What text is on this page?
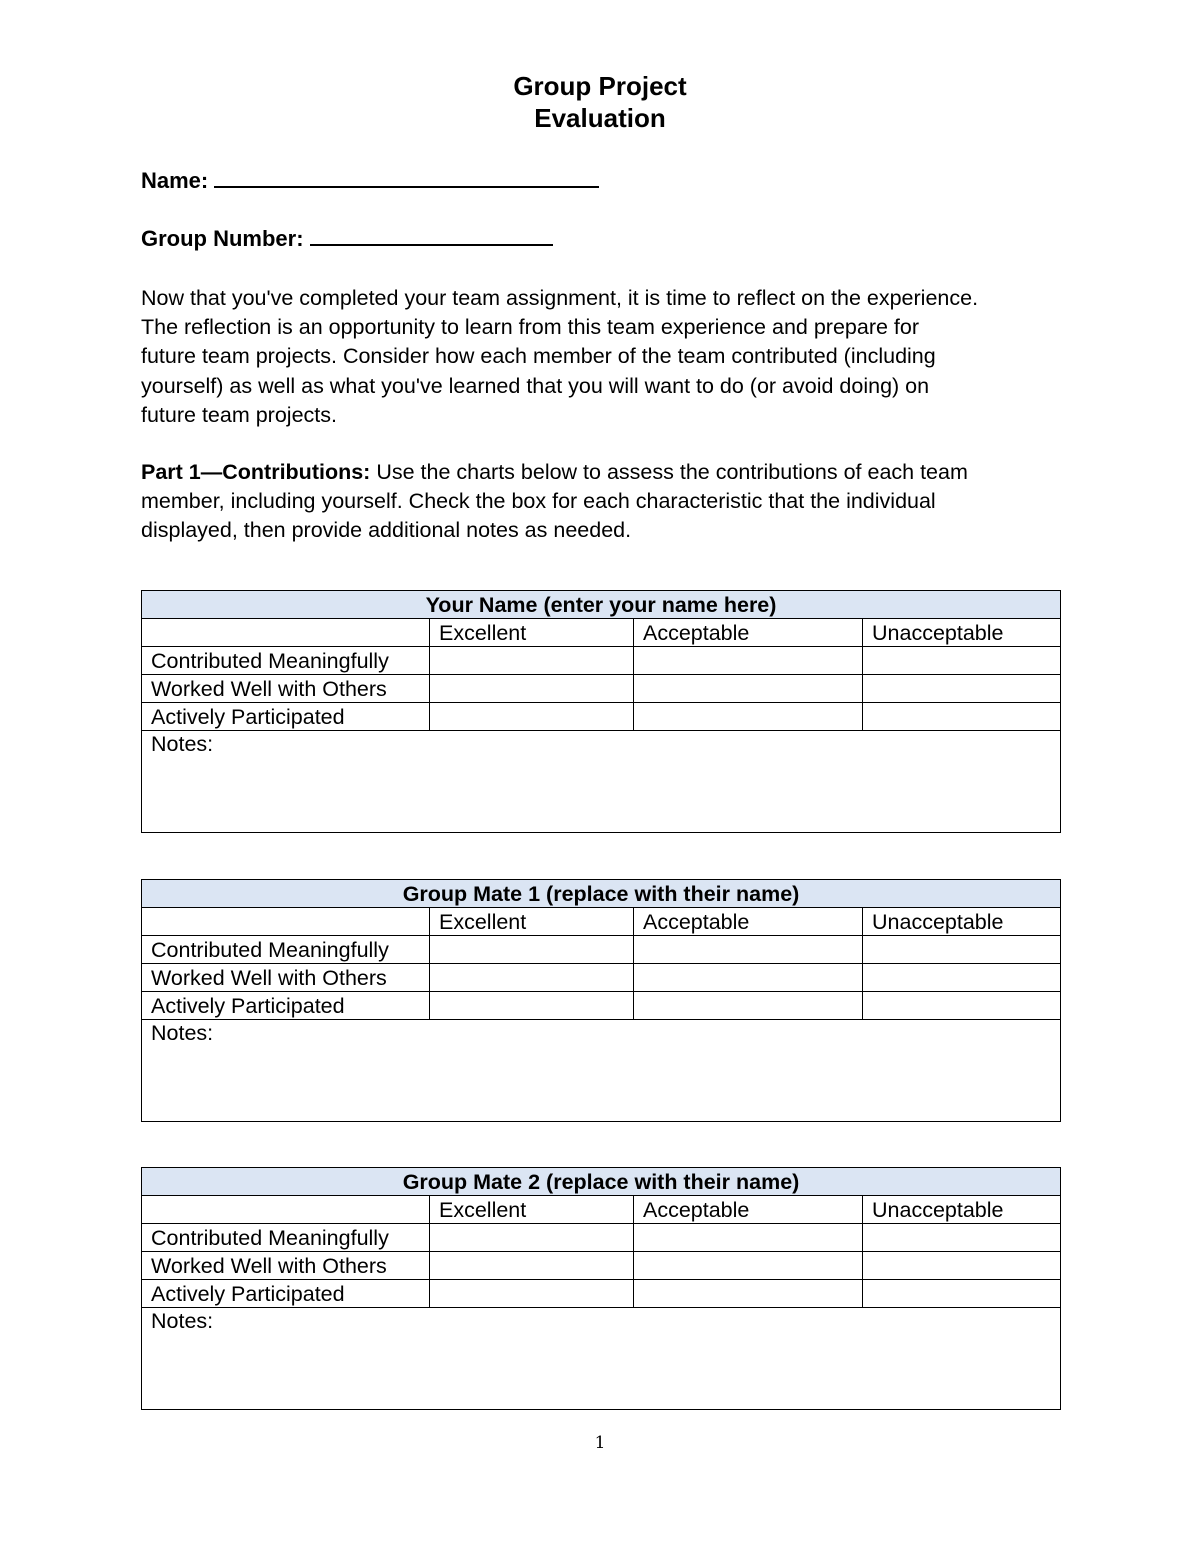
Group Project
Evaluation
Name:
Group Number:
Now that you've completed your team assignment, it is time to reflect on the experience.
The reflection is an opportunity to learn from this team experience and prepare for
future team projects. Consider how each member of the team contributed (including
yourself) as well as what you've learned that you will want to do (or avoid doing) on
future team projects.
Part 1—Contributions: Use the charts below to assess the contributions of each team
member, including yourself. Check the box for each characteristic that the individual
displayed, then provide additional notes as needed.
Your Name (enter your name here)			
	Excellent	Acceptable	Unacceptable
Contributed Meaningfully			
Worked Well with Others			
Actively Participated			
Notes:			
Group Mate 1 (replace with their name)			
	Excellent	Acceptable	Unacceptable
Contributed Meaningfully			
Worked Well with Others			
Actively Participated			
Notes:			
Group Mate 2 (replace with their name)			
	Excellent	Acceptable	Unacceptable
Contributed Meaningfully			
Worked Well with Others			
Actively Participated			
Notes:			
1
